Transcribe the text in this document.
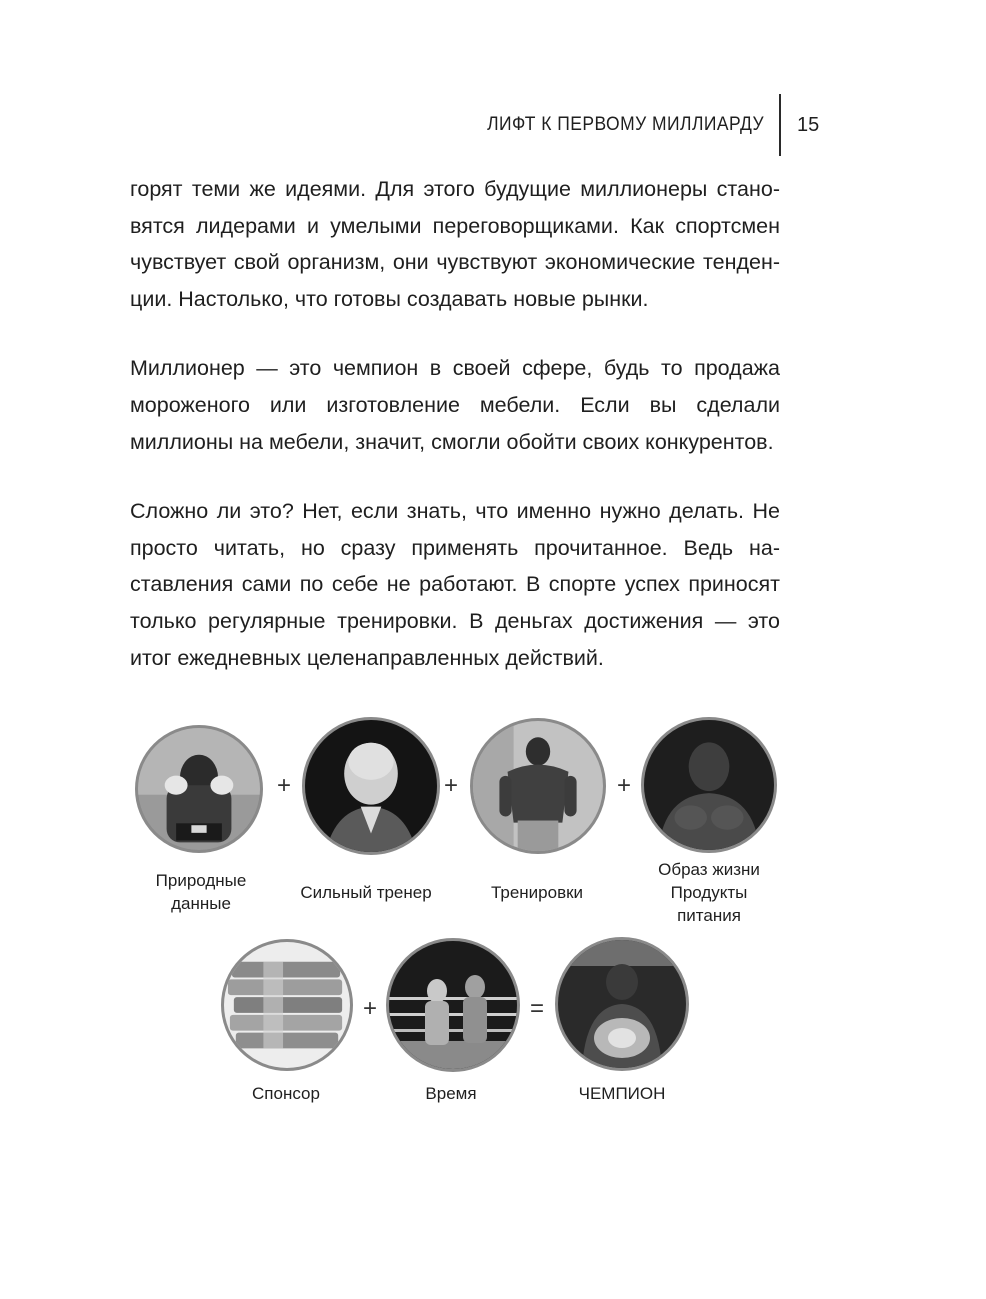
ЛИФТ К ПЕРВОМУ МИЛЛИАРДУ 15

горят теми же идеями. Для этого будущие миллионеры становятся лидерами и умелыми переговорщиками. Как спортсмен чувствует свой организм, они чувствуют экономические тенденции. Настолько, что готовы создавать новые рынки.

Миллионер — это чемпион в своей сфере, будь то продажа мороженого или изготовление мебели. Если вы сделали миллионы на мебели, значит, смогли обойти своих конкурентов.

Сложно ли это? Нет, если знать, что именно нужно делать. Не просто читать, но сразу применять прочитанное. Ведь наставления сами по себе не работают. В спорте успех приносят только регулярные тренировки. В деньгах достижения — это итог ежедневных целенаправленных действий.

+	+	+
Природные
данные
Сильный тренер	Тренировки
Образ жизни
Продукты
питания
+	=
Спонсор	Время	ЧЕМПИОН
